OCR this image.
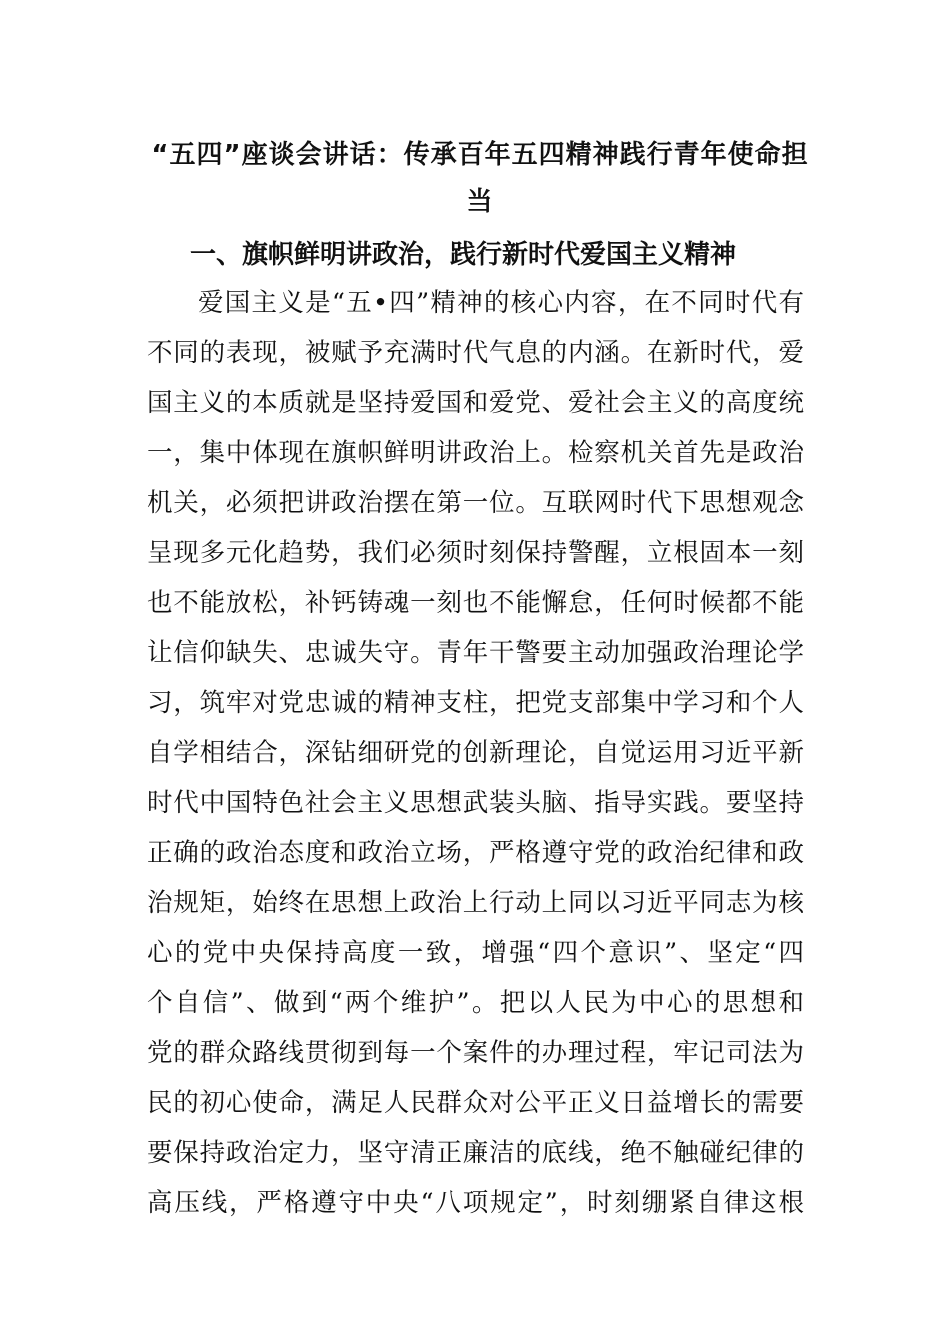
“五四”座谈会讲话：传承百年五四精神践行青年使命担
当
一、旗帜鲜明讲政治，践行新时代爱国主义精神

爱国主义是“五•四”精神的核心内容，在不同时代有

不同的表现，被赋予充满时代气息的内涵。在新时代，爱

国主义的本质就是坚持爱国和爱党、爱社会主义的高度统

一，集中体现在旗帜鲜明讲政治上。检察机关首先是政治

机关，必须把讲政治摆在第一位。互联网时代下思想观念

呈现多元化趋势，我们必须时刻保持警醒，立根固本一刻

也不能放松，补钙铸魂一刻也不能懈怠，任何时候都不能

让信仰缺失、忠诚失守。青年干警要主动加强政治理论学

习，筑牢对党忠诚的精神支柱，把党支部集中学习和个人

自学相结合，深钻细研党的创新理论，自觉运用习近平新

时代中国特色社会主义思想武装头脑、指导实践。要坚持

正确的政治态度和政治立场，严格遵守党的政治纪律和政

治规矩，始终在思想上政治上行动上同以习近平同志为核

心的党中央保持高度一致，增强“四个意识”、坚定“四

个自信”、做到“两个维护”。把以人民为中心的思想和

党的群众路线贯彻到每一个案件的办理过程，牢记司法为

民的初心使命，满足人民群众对公平正义日益增长的需要

要保持政治定力，坚守清正廉洁的底线，绝不触碰纪律的

高压线，严格遵守中央“八项规定”，时刻绷紧自律这根
